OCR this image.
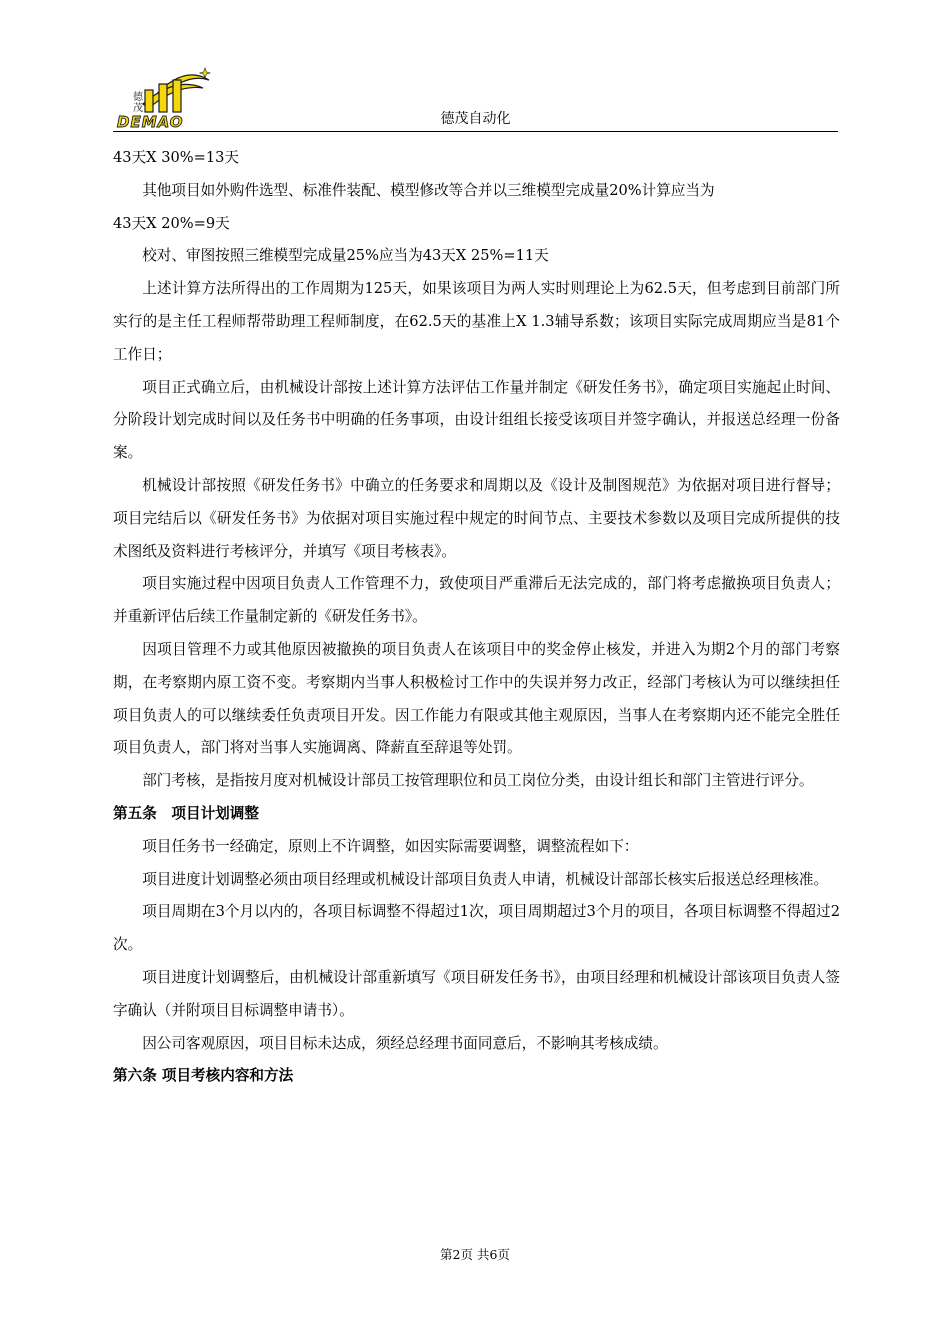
德
茂
DEMAO	德茂自动化

43天X 30%=13天

其他项目如外购件选型、标准件装配、模型修改等合并以三维模型完成量20%计算应当为

43天X 20%=9天

校对、审图按照三维模型完成量25%应当为43天X 25%=11天

上述计算方法所得出的工作周期为125天，如果该项目为两人实时则理论上为62.5天，但考虑到目前部门所实行的是主任工程师帮带助理工程师制度，在62.5天的基准上X 1.3辅导系数；该项目实际完成周期应当是81个工作日；

项目正式确立后，由机械设计部按上述计算方法评估工作量并制定《研发任务书》，确定项目实施起止时间、分阶段计划完成时间以及任务书中明确的任务事项，由设计组组长接受该项目并签字确认，并报送总经理一份备案。

机械设计部按照《研发任务书》中确立的任务要求和周期以及《设计及制图规范》为依据对项目进行督导；项目完结后以《研发任务书》为依据对项目实施过程中规定的时间节点、主要技术参数以及项目完成所提供的技术图纸及资料进行考核评分，并填写《项目考核表》。

项目实施过程中因项目负责人工作管理不力，致使项目严重滞后无法完成的，部门将考虑撤换项目负责人；并重新评估后续工作量制定新的《研发任务书》。

因项目管理不力或其他原因被撤换的项目负责人在该项目中的奖金停止核发，并进入为期2个月的部门考察期，在考察期内原工资不变。考察期内当事人积极检讨工作中的失误并努力改正，经部门考核认为可以继续担任项目负责人的可以继续委任负责项目开发。因工作能力有限或其他主观原因，当事人在考察期内还不能完全胜任项目负责人，部门将对当事人实施调离、降薪直至辞退等处罚。

部门考核，是指按月度对机械设计部员工按管理职位和员工岗位分类，由设计组长和部门主管进行评分。

第五条　项目计划调整

项目任务书一经确定，原则上不许调整，如因实际需要调整，调整流程如下：

项目进度计划调整必须由项目经理或机械设计部项目负责人申请，机械设计部部长核实后报送总经理核准。

项目周期在3个月以内的，各项目标调整不得超过1次，项目周期超过3个月的项目，各项目标调整不得超过2次。

项目进度计划调整后，由机械设计部重新填写《项目研发任务书》，由项目经理和机械设计部该项目负责人签字确认（并附项目目标调整申请书）。

因公司客观原因，项目目标未达成，须经总经理书面同意后，不影响其考核成绩。

第六条 项目考核内容和方法

第2页 共6页
